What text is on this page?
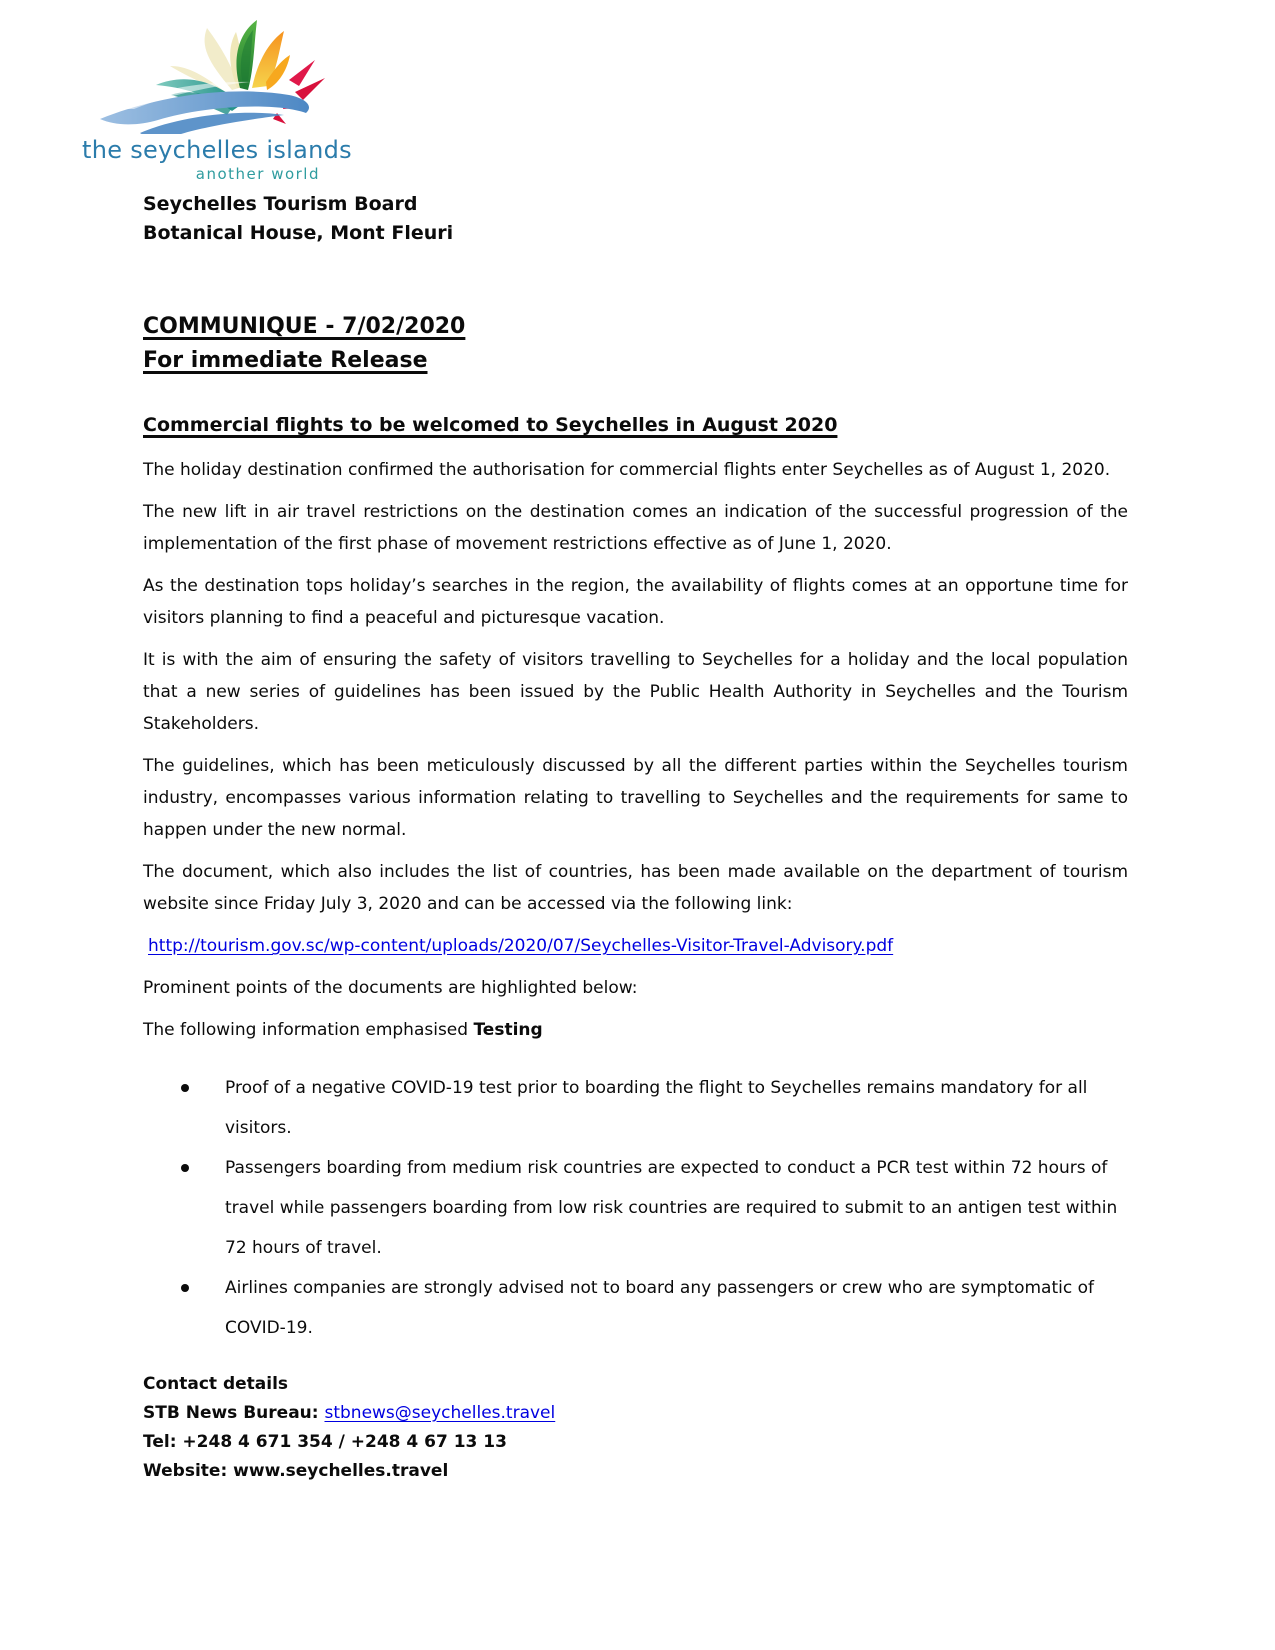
the seychelles islands
another world
Seychelles Tourism Board
Botanical House, Mont Fleuri
COMMUNIQUE - 7/02/2020
For immediate Release
Commercial flights to be welcomed to Seychelles in August 2020

The holiday destination confirmed the authorisation for commercial flights enter Seychelles as of August 1, 2020.

The new lift in air travel restrictions on the destination comes an indication of the successful progression of the implementation of the first phase of movement restrictions effective as of June 1, 2020.

As the destination tops holiday’s searches in the region, the availability of flights comes at an opportune time for visitors planning to find a peaceful and picturesque vacation.

It is with the aim of ensuring the safety of visitors travelling to Seychelles for a holiday and the local population that a new series of guidelines has been issued by the Public Health Authority in Seychelles and the Tourism Stakeholders.

The guidelines, which has been meticulously discussed by all the different parties within the Seychelles tourism industry, encompasses various information relating to travelling to Seychelles and the requirements for same to happen under the new normal.

The document, which also includes the list of countries, has been made available on the department of tourism website since Friday July 3, 2020 and can be accessed via the following link:

http://tourism.gov.sc/wp-content/uploads/2020/07/Seychelles-Visitor-Travel-Advisory.pdf
Prominent points of the documents are highlighted below:
The following information emphasised Testing
Proof of a negative COVID-19 test prior to boarding the flight to Seychelles remains mandatory for all visitors.
Passengers boarding from medium risk countries are expected to conduct a PCR test within 72 hours of travel while passengers boarding from low risk countries are required to submit to an antigen test within 72 hours of travel.
Airlines companies are strongly advised not to board any passengers or crew who are symptomatic of COVID-19.
Contact details
STB News Bureau: stbnews@seychelles.travel
Tel: +248 4 671 354 / +248 4 67 13 13
Website: www.seychelles.travel
